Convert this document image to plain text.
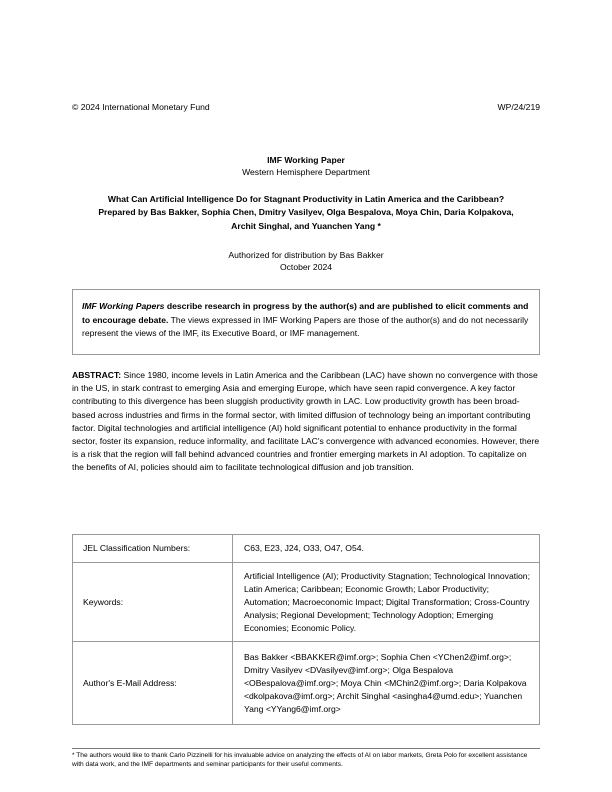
© 2024 International Monetary Fund	WP/24/219
IMF Working Paper
Western Hemisphere Department
What Can Artificial Intelligence Do for Stagnant Productivity in Latin America and the Caribbean?
Prepared by Bas Bakker, Sophia Chen, Dmitry Vasilyev, Olga Bespalova, Moya Chin, Daria Kolpakova,
Archit Singhal, and Yuanchen Yang *
Authorized for distribution by Bas Bakker
October 2024
IMF Working Papers describe research in progress by the author(s) and are published to elicit comments and to encourage debate. The views expressed in IMF Working Papers are those of the author(s) and do not necessarily represent the views of the IMF, its Executive Board, or IMF management.
ABSTRACT: Since 1980, income levels in Latin America and the Caribbean (LAC) have shown no convergence with those in the US, in stark contrast to emerging Asia and emerging Europe, which have seen rapid convergence. A key factor contributing to this divergence has been sluggish productivity growth in LAC. Low productivity growth has been broad-based across industries and firms in the formal sector, with limited diffusion of technology being an important contributing factor. Digital technologies and artificial intelligence (AI) hold significant potential to enhance productivity in the formal sector, foster its expansion, reduce informality, and facilitate LAC's convergence with advanced economies. However, there is a risk that the region will fall behind advanced countries and frontier emerging markets in AI adoption. To capitalize on the benefits of AI, policies should aim to facilitate technological diffusion and job transition.
JEL Classification Numbers:	C63, E23, J24, O33, O47, O54.
Keywords:	Artificial Intelligence (AI); Productivity Stagnation; Technological Innovation; Latin America; Caribbean; Economic Growth; Labor Productivity; Automation; Macroeconomic Impact; Digital Transformation; Cross-Country Analysis; Regional Development; Technology Adoption; Emerging Economies; Economic Policy.
Author's E-Mail Address:	Bas Bakker <BBAKKER@imf.org>; Sophia Chen <YChen2@imf.org>; Dmitry Vasilyev <DVasilyev@imf.org>; Olga Bespalova <OBespalova@imf.org>; Moya Chin <MChin2@imf.org>; Daria Kolpakova <dkolpakova@imf.org>; Archit Singhal <asingha4@umd.edu>; Yuanchen Yang <YYang6@imf.org>
* The authors would like to thank Carlo Pizzinelli for his invaluable advice on analyzing the effects of AI on labor markets, Greta Polo for excellent assistance with data work, and the IMF departments and seminar participants for their useful comments.
